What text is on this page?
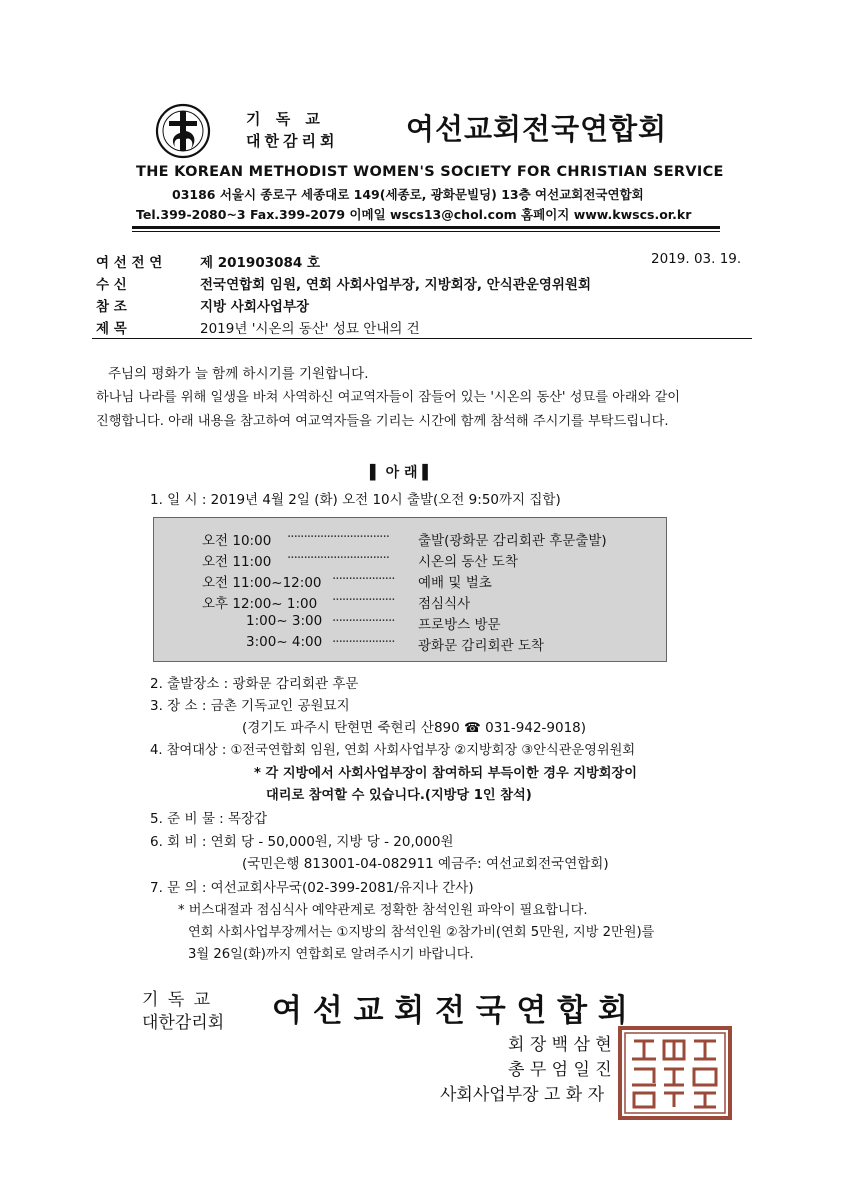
기 독 교
대한감리회 여선교회전국연합회
THE KOREAN METHODIST WOMEN'S SOCIETY FOR CHRISTIAN SERVICE
03186 서울시 종로구 세종대로 149(세종로, 광화문빌딩) 13층 여선교회전국연합회
Tel.399-2080~3 Fax.399-2079 이메일 wscs13@chol.com 홈페이지 www.kwscs.or.kr
여 선 전 연	제 201903084 호	2019. 03. 19.
수 신	전국연합회 임원, 연회 사회사업부장, 지방회장, 안식관운영위원회
참 조	지방 사회사업부장
제 목	2019년 '시온의 동산' 성묘 안내의 건
주님의 평화가 늘 함께 하시기를 기원합니다.
하나님 나라를 위해 일생을 바쳐 사역하신 여교역자들이 잠들어 있는 '시온의 동산' 성묘를 아래와 같이
진행합니다. 아래 내용을 참고하여 여교역자들을 기리는 시간에 함께 참석해 주시기를 부탁드립니다.
▌ 아 래 ▌
1. 일 시 : 2019년 4월 2일 (화) 오전 10시 출발(오전 9:50까지 집합)
오전 10:00 ······························· 출발(광화문 감리회관 후문출발)
오전 11:00 ······························· 시온의 동산 도착
오전 11:00~12:00 ··················· 예배 및 벌초
오후 12:00~ 1:00 ··················· 점심식사
1:00~ 3:00 ··················· 프로방스 방문
3:00~ 4:00 ··················· 광화문 감리회관 도착
2. 출발장소 : 광화문 감리회관 후문
3. 장 소 : 금촌 기독교인 공원묘지
(경기도 파주시 탄현면 죽현리 산890 ☎ 031-942-9018)
4. 참여대상 : ①전국연합회 임원, 연회 사회사업부장 ②지방회장 ③안식관운영위원회
* 각 지방에서 사회사업부장이 참여하되 부득이한 경우 지방회장이
대리로 참여할 수 있습니다.(지방당 1인 참석)
5. 준 비 물 : 목장갑
6. 회 비 : 연회 당 - 50,000원, 지방 당 - 20,000원
(국민은행 813001-04-082911 예금주: 여선교회전국연합회)
7. 문 의 : 여선교회사무국(02-399-2081/유지나 간사)
* 버스대절과 점심식사 예약관계로 정확한 참석인원 파악이 필요합니다.
연회 사회사업부장께서는 ①지방의 참석인원 ②참가비(연회 5만원, 지방 2만원)를
3월 26일(화)까지 연합회로 알려주시기 바랍니다.
기 독 교
대한감리회 여 선 교 회 전 국 연 합 회
회 장 백 삼 현
총 무 엄 일 진
사회사업부장 고 화 자
